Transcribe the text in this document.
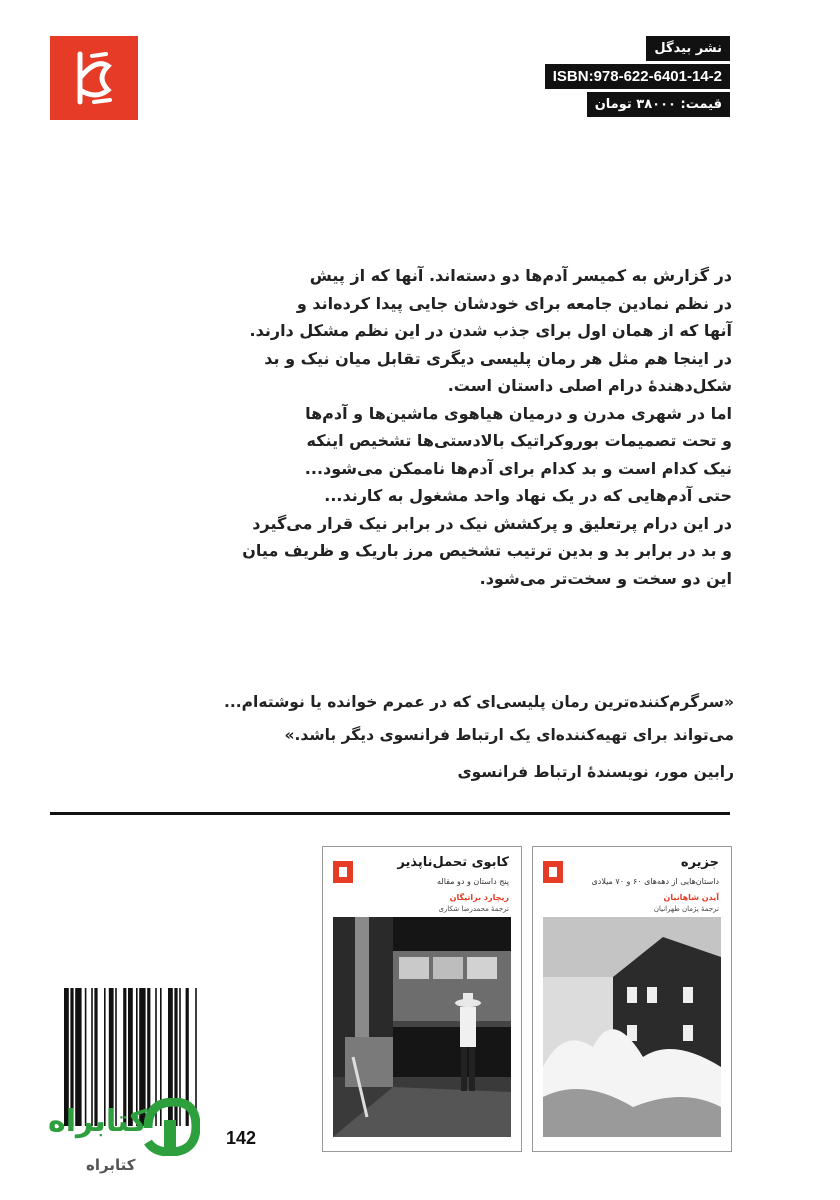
نشر بیدگل
ISBN:978-622-6401-14-2
قیمت: ۳۸۰۰۰ تومان

در گزارش به کمیسر آدم‌ها دو دسته‌اند. آنها که از پیش

در نظم نمادین جامعه برای خودشان جایی پیدا کرده‌اند و

آنها که از همان اول برای جذب شدن در این نظم مشکل دارند.

در اینجا هم مثل هر رمان پلیسی دیگری تقابل میان نیک و بد

شکل‌دهندهٔ درام اصلی داستان است.

اما در شهری مدرن و درمیان هیاهوی ماشین‌ها و آدم‌ها

و تحت تصمیمات بوروکراتیک بالادستی‌ها تشخیص اینکه

نیک کدام است و بد کدام برای آدم‌ها ناممکن می‌شود...

حتی آدم‌هایی که در یک نهاد واحد مشغول به کارند...

در این درام پرتعلیق و پرکشش نیک در برابر نیک قرار می‌گیرد

و بد در برابر بد و بدین ترتیب تشخیص مرز باریک و ظریف میان

این دو سخت و سخت‌تر می‌شود.

«سرگرم‌کننده‌ترین رمان پلیسی‌ای که در عمرم خوانده یا نوشته‌ام...

می‌تواند برای تهیه‌کننده‌ای یک ارتباط فرانسوی دیگر باشد.»

رابین مور، نویسندهٔ ارتباط فرانسوی

کابوی تحمل‌ناپذیر
پنج داستان و دو مقاله
ریچارد براتیگان
ترجمهٔ محمدرضا شکاری
جزیره
داستان‌هایی از دهه‌های ۶۰ و ۷۰ میلادی
آیدن شاهانیان
ترجمهٔ پژمان طهرانیان
142
کتابراه
کتابراه
